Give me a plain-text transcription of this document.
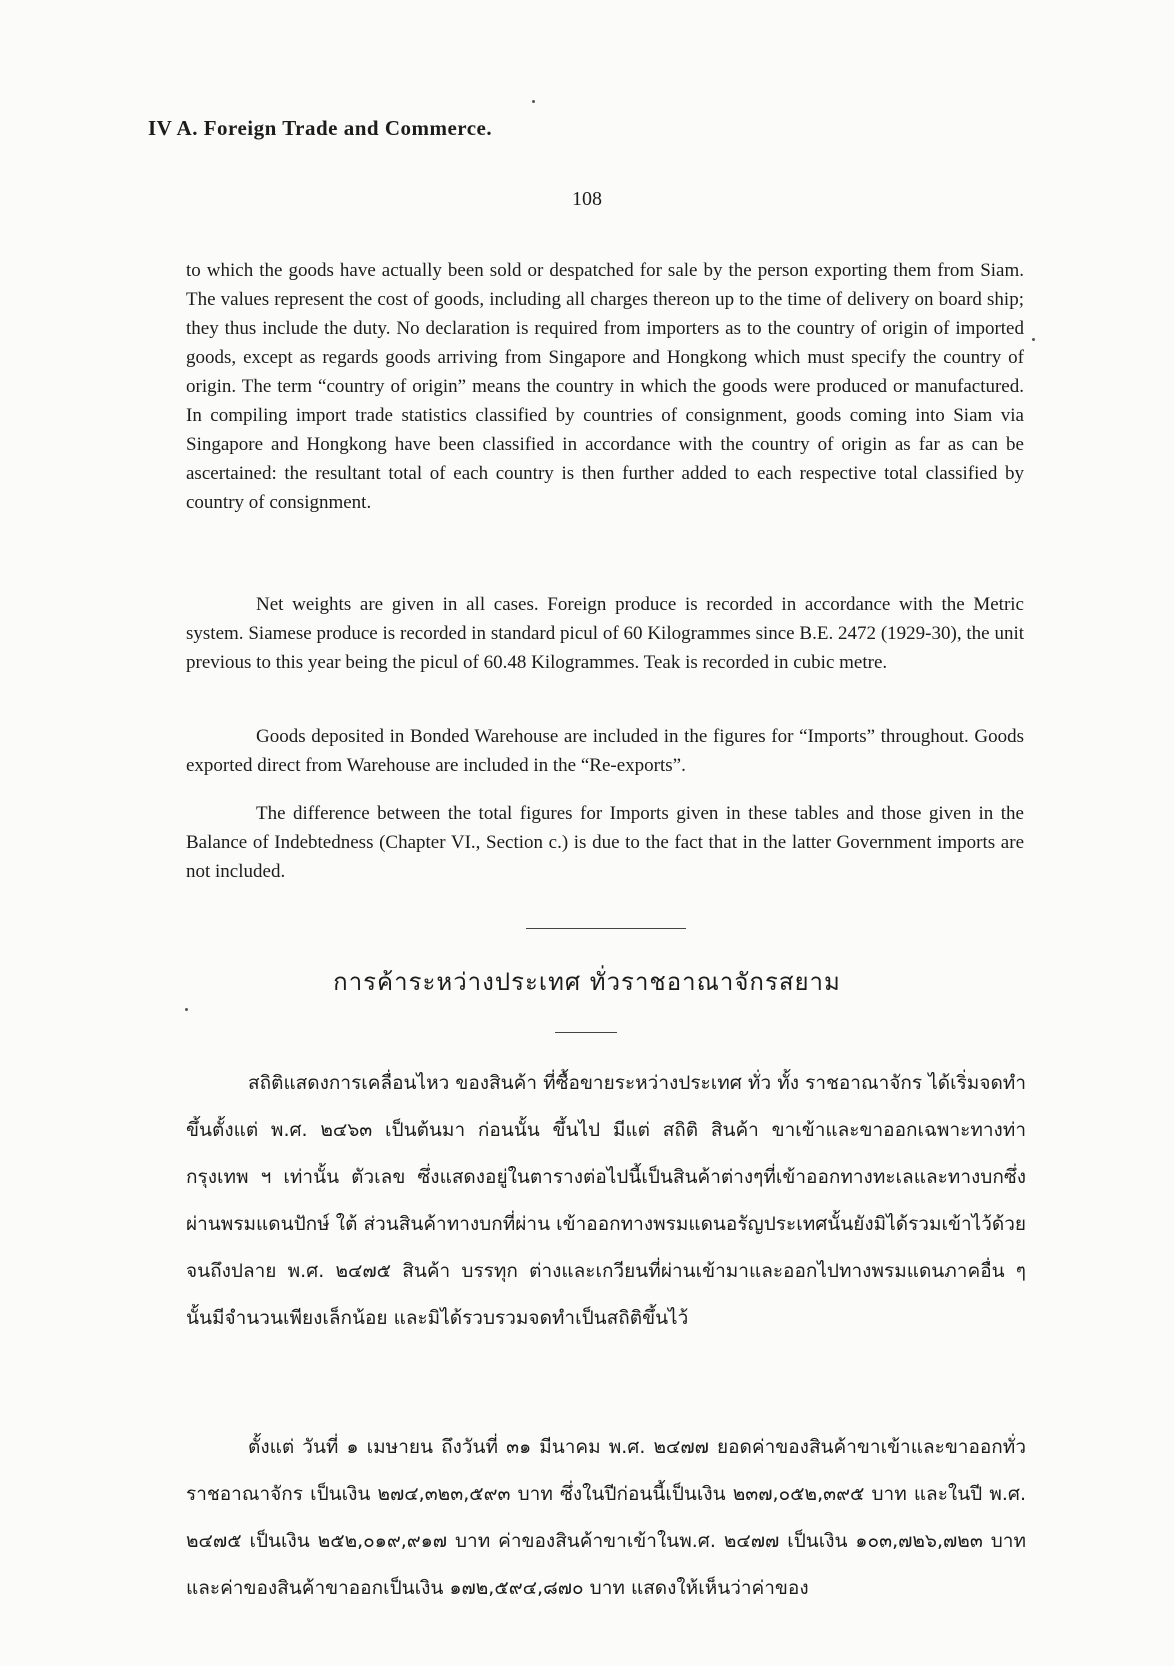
IV A. Foreign Trade and Commerce.
108

to which the goods have actually been sold or despatched for sale by the person exporting them from Siam. The values represent the cost of goods, including all charges thereon up to the time of delivery on board ship; they thus include the duty. No declaration is required from importers as to the country of origin of imported goods, except as regards goods arriving from Singapore and Hongkong which must specify the country of origin. The term “country of origin” means the country in which the goods were produced or manufactured. In compiling import trade statistics classified by countries of consignment, goods coming into Siam via Singapore and Hongkong have been classified in accordance with the country of origin as far as can be ascertained: the resultant total of each country is then further added to each respective total classified by country of consignment.

Net weights are given in all cases. Foreign produce is recorded in accordance with the Metric system. Siamese produce is recorded in standard picul of 60 Kilogrammes since B.E. 2472 (1929-30), the unit previous to this year being the picul of 60.48 Kilogrammes. Teak is recorded in cubic metre.

Goods deposited in Bonded Warehouse are included in the figures for “Imports” throughout. Goods exported direct from Warehouse are included in the “Re-exports”.

The difference between the total figures for Imports given in these tables and those given in the Balance of Indebtedness (Chapter VI., Section c.) is due to the fact that in the latter Government imports are not included.

การค้าระหว่างประเทศ ทั่วราชอาณาจักรสยาม

สถิติแสดงการเคลื่อนไหว ของสินค้า ที่ซื้อขายระหว่างประเทศ ทั่ว ทั้ง ราชอาณาจักร ได้เริ่มจดทำขึ้นตั้งแต่ พ.ศ. ๒๔๖๓ เป็นต้นมา ก่อนนั้น ขึ้นไป มีแต่ สถิติ สินค้า ขาเข้าและขาออกเฉพาะทางท่ากรุงเทพ ฯ เท่านั้น ตัวเลข ซึ่งแสดงอยู่ในตารางต่อไปนี้เป็นสินค้าต่างๆที่เข้าออกทางทะเลและทางบกซึ่งผ่านพรมแดนปักษ์ ใต้ ส่วนสินค้าทางบกที่ผ่าน เข้าออกทางพรมแดนอรัญประเทศนั้นยังมิได้รวมเข้าไว้ด้วย จนถึงปลาย พ.ศ. ๒๔๗๕ สินค้า บรรทุก ต่างและเกวียนที่ผ่านเข้ามาและออกไปทางพรมแดนภาคอื่น ๆ นั้นมีจำนวนเพียงเล็กน้อย และมิได้รวบรวมจดทำเป็นสถิติขึ้นไว้

ตั้งแต่ วันที่ ๑ เมษายน ถึงวันที่ ๓๑ มีนาคม พ.ศ. ๒๔๗๗ ยอดค่าของสินค้าขาเข้าและขาออกทั่วราชอาณาจักร เป็นเงิน ๒๗๔,๓๒๓,๕๙๓ บาท ซึ่งในปีก่อนนี้เป็นเงิน ๒๓๗,๐๕๒,๓๙๕ บาท และในปี พ.ศ. ๒๔๗๕ เป็นเงิน ๒๕๒,๐๑๙,๙๑๗ บาท ค่าของสินค้าขาเข้าในพ.ศ. ๒๔๗๗ เป็นเงิน ๑๐๓,๗๒๖,๗๒๓ บาท และค่าของสินค้าขาออกเป็นเงิน ๑๗๒,๕๙๔,๘๗๐ บาท แสดงให้เห็นว่าค่าของ
